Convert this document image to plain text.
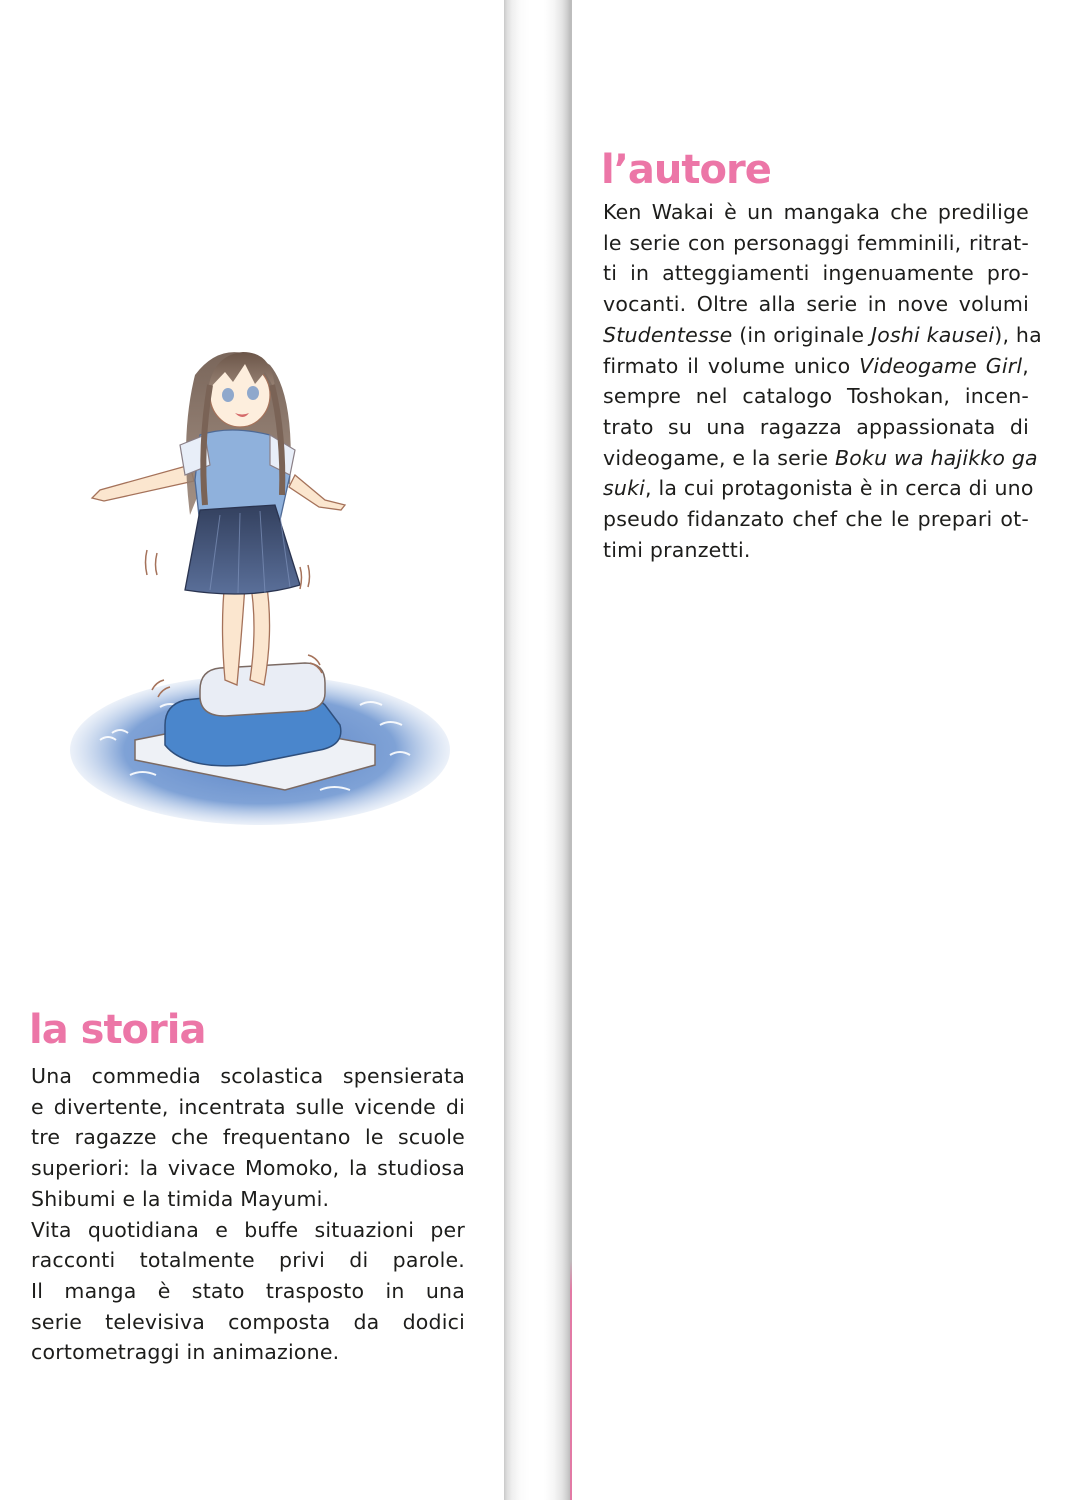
l’autore
Ken Wakai è un mangaka che predilige
le serie con personaggi femminili, ritrat-
ti in atteggiamenti ingenuamente pro-
vocanti. Oltre alla serie in nove volumi
Studentesse (in originale Joshi kausei), ha
firmato il volume unico Videogame Girl,
sempre nel catalogo Toshokan, incen-
trato su una ragazza appassionata di
videogame, e la serie Boku wa hajikko ga
suki, la cui protagonista è in cerca di uno
pseudo fidanzato chef che le prepari ot-
timi pranzetti.
la storia
Una commedia scolastica spensierata
e divertente, incentrata sulle vicende di
tre ragazze che frequentano le scuole
superiori: la vivace Momoko, la studiosa
Shibumi e la timida Mayumi.
Vita quotidiana e buffe situazioni per
racconti totalmente privi di parole.
Il manga è stato trasposto in una
serie televisiva composta da dodici
cortometraggi in animazione.
